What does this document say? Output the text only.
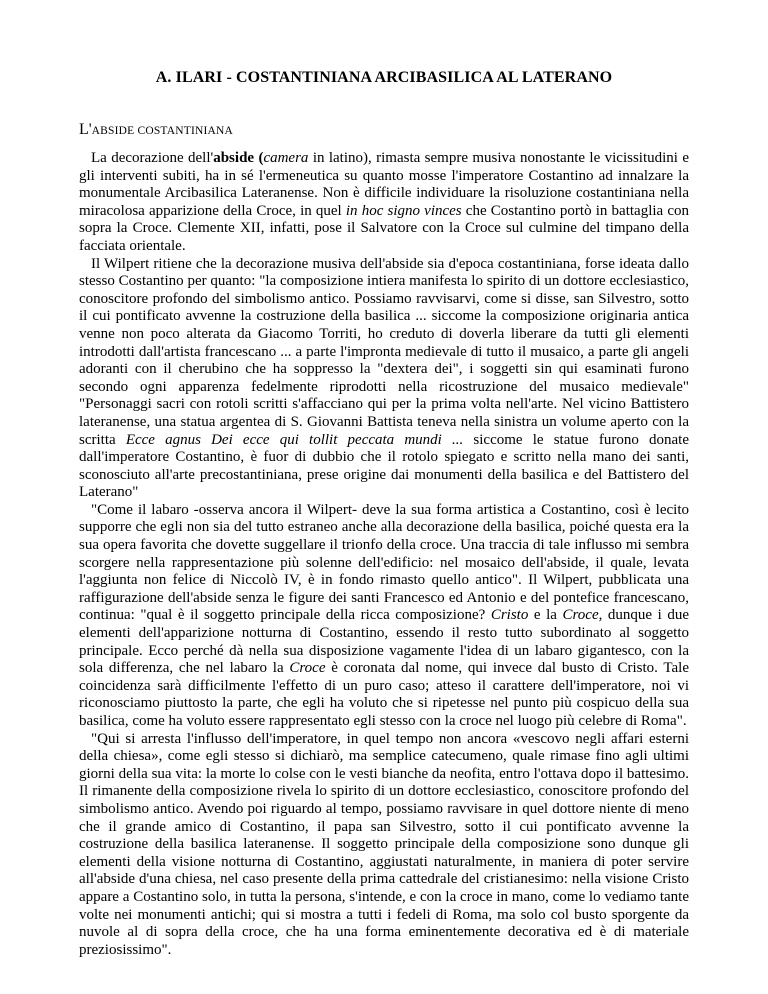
A. ILARI - COSTANTINIANA ARCIBASILICA AL LATERANO
L'ABSIDE COSTANTINIANA

La decorazione dell'abside (camera in latino), rimasta sempre musiva nonostante le vicissitudini e gli interventi subiti, ha in sé l'ermeneutica su quanto mosse l'imperatore Costantino ad innalzare la monumentale Arcibasilica Lateranense. Non è difficile individuare la risoluzione costantiniana nella miracolosa apparizione della Croce, in quel in hoc signo vinces che Costantino portò in battaglia con sopra la Croce. Clemente XII, infatti, pose il Salvatore con la Croce sul culmine del timpano della facciata orientale.

Il Wilpert ritiene che la decorazione musiva dell'abside sia d'epoca costantiniana, forse ideata dallo stesso Costantino per quanto: "la composizione intiera manifesta lo spirito di un dottore ecclesiastico, conoscitore profondo del simbolismo antico. Possiamo ravvisarvi, come si disse, san Silvestro, sotto il cui pontificato avvenne la costruzione della basilica ... siccome la composizione originaria antica venne non poco alterata da Giacomo Torriti, ho creduto di doverla liberare da tutti gli elementi introdotti dall'artista francescano ... a parte l'impronta medievale di tutto il musaico, a parte gli angeli adoranti con il cherubino che ha soppresso la "dextera dei", i soggetti sin qui esaminati furono secondo ogni apparenza fedelmente riprodotti nella ricostruzione del musaico medievale" "Personaggi sacri con rotoli scritti s'affacciano qui per la prima volta nell'arte. Nel vicino Battistero lateranense, una statua argentea di S. Giovanni Battista teneva nella sinistra un volume aperto con la scritta Ecce agnus Dei ecce qui tollit peccata mundi ... siccome le statue furono donate dall'imperatore Costantino, è fuor di dubbio che il rotolo spiegato e scritto nella mano dei santi, sconosciuto all'arte precostantiniana, prese origine dai monumenti della basilica e del Battistero del Laterano"

"Come il labaro -osserva ancora il Wilpert- deve la sua forma artistica a Costantino, così è lecito supporre che egli non sia del tutto estraneo anche alla decorazione della basilica, poiché questa era la sua opera favorita che dovette suggellare il trionfo della croce. Una traccia di tale influsso mi sembra scorgere nella rappresentazione più solenne dell'edificio: nel mosaico dell'abside, il quale, levata l'aggiunta non felice di Niccolò IV, è in fondo rimasto quello antico". Il Wilpert, pubblicata una raffigurazione dell'abside senza le figure dei santi Francesco ed Antonio e del pontefice francescano, continua: "qual è il soggetto principale della ricca composizione? Cristo e la Croce, dunque i due elementi dell'apparizione notturna di Costantino, essendo il resto tutto subordinato al soggetto principale. Ecco perché dà nella sua disposizione vagamente l'idea di un labaro gigantesco, con la sola differenza, che nel labaro la Croce è coronata dal nome, qui invece dal busto di Cristo. Tale coincidenza sarà difficilmente l'effetto di un puro caso; atteso il carattere dell'imperatore, noi vi riconosciamo piuttosto la parte, che egli ha voluto che si ripetesse nel punto più cospicuo della sua basilica, come ha voluto essere rappresentato egli stesso con la croce nel luogo più celebre di Roma".

"Qui si arresta l'influsso dell'imperatore, in quel tempo non ancora «vescovo negli affari esterni della chiesa», come egli stesso si dichiarò, ma semplice catecumeno, quale rimase fino agli ultimi giorni della sua vita: la morte lo colse con le vesti bianche da neofita, entro l'ottava dopo il battesimo. Il rimanente della composizione rivela lo spirito di un dottore ecclesiastico, conoscitore profondo del simbolismo antico. Avendo poi riguardo al tempo, possiamo ravvisare in quel dottore niente di meno che il grande amico di Costantino, il papa san Silvestro, sotto il cui pontificato avvenne la costruzione della basilica lateranense. Il soggetto principale della composizione sono dunque gli elementi della visione notturna di Costantino, aggiustati naturalmente, in maniera di poter servire all'abside d'una chiesa, nel caso presente della prima cattedrale del cristianesimo: nella visione Cristo appare a Costantino solo, in tutta la persona, s'intende, e con la croce in mano, come lo vediamo tante volte nei monumenti antichi; qui si mostra a tutti i fedeli di Roma, ma solo col busto sporgente da nuvole al di sopra della croce, che ha una forma eminentemente decorativa ed è di materiale preziosissimo".
